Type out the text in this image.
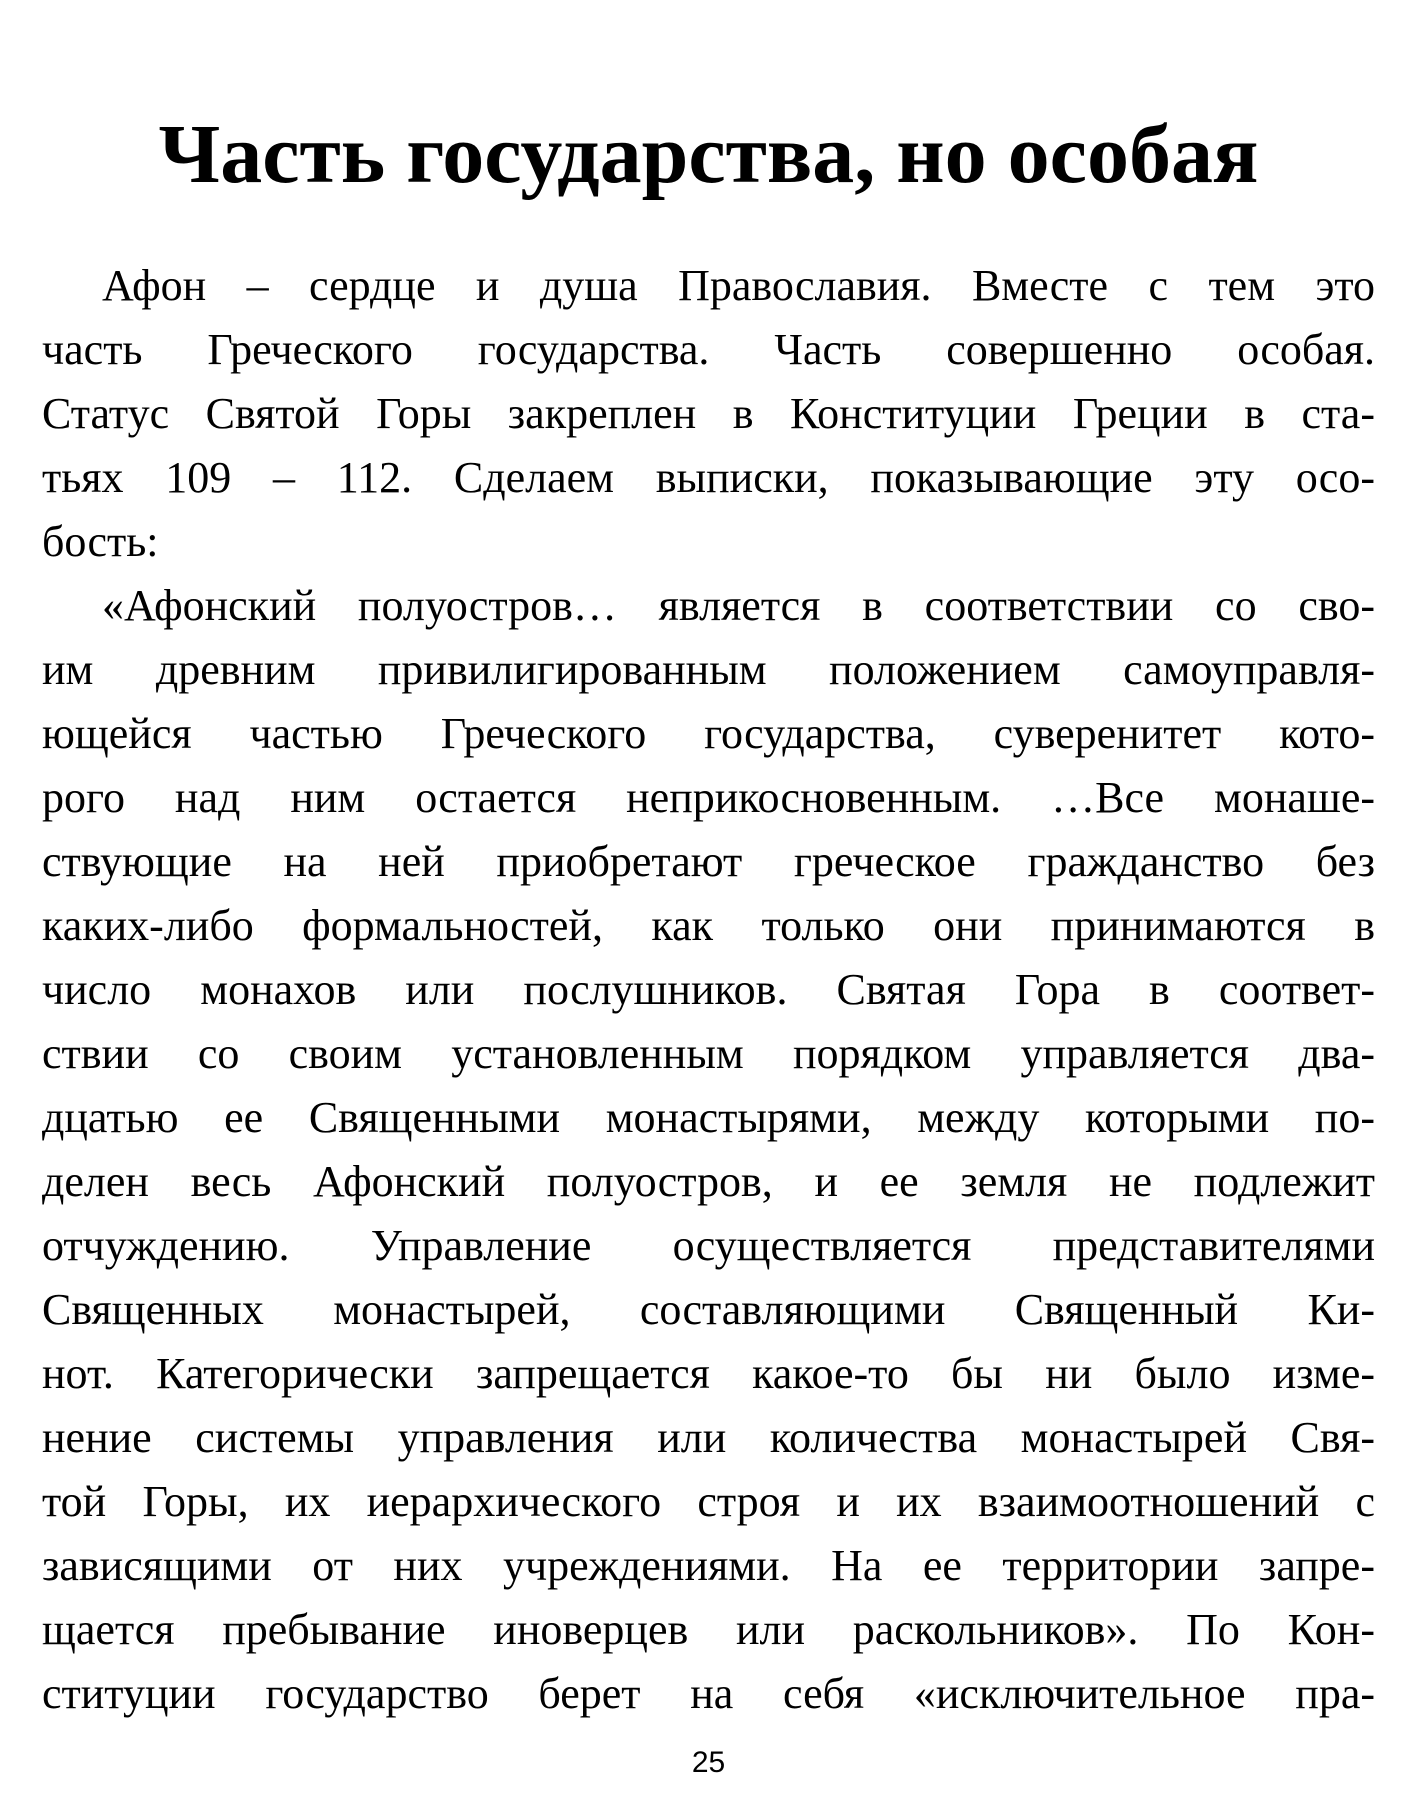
Часть государства, но особая
Афон – сердце и душа Православия. Вместе с тем это
часть Греческого государства. Часть совершенно особая.
Статус Святой Горы закреплен в Конституции Греции в ста-
тьях 109 – 112. Сделаем выписки, показывающие эту осо-
бость:
«Афонский полуостров… является в соответствии со сво-
им древним привилигированным положением самоуправля-
ющейся частью Греческого государства, суверенитет кото-
рого над ним остается неприкосновенным. …Все монаше-
ствующие на ней приобретают греческое гражданство без
каких-либо формальностей, как только они принимаются в
число монахов или послушников. Святая Гора в соответ-
ствии со своим установленным порядком управляется два-
дцатью ее Священными монастырями, между которыми по-
делен весь Афонский полуостров, и ее земля не подлежит
отчуждению. Управление осуществляется представителями
Священных монастырей, составляющими Священный Ки-
нот. Категорически запрещается какое-то бы ни было изме-
нение системы управления или количества монастырей Свя-
той Горы, их иерархического строя и их взаимоотношений с
зависящими от них учреждениями. На ее территории запре-
щается пребывание иноверцев или раскольников». По Кон-
ституции государство берет на себя «исключительное пра-
25
